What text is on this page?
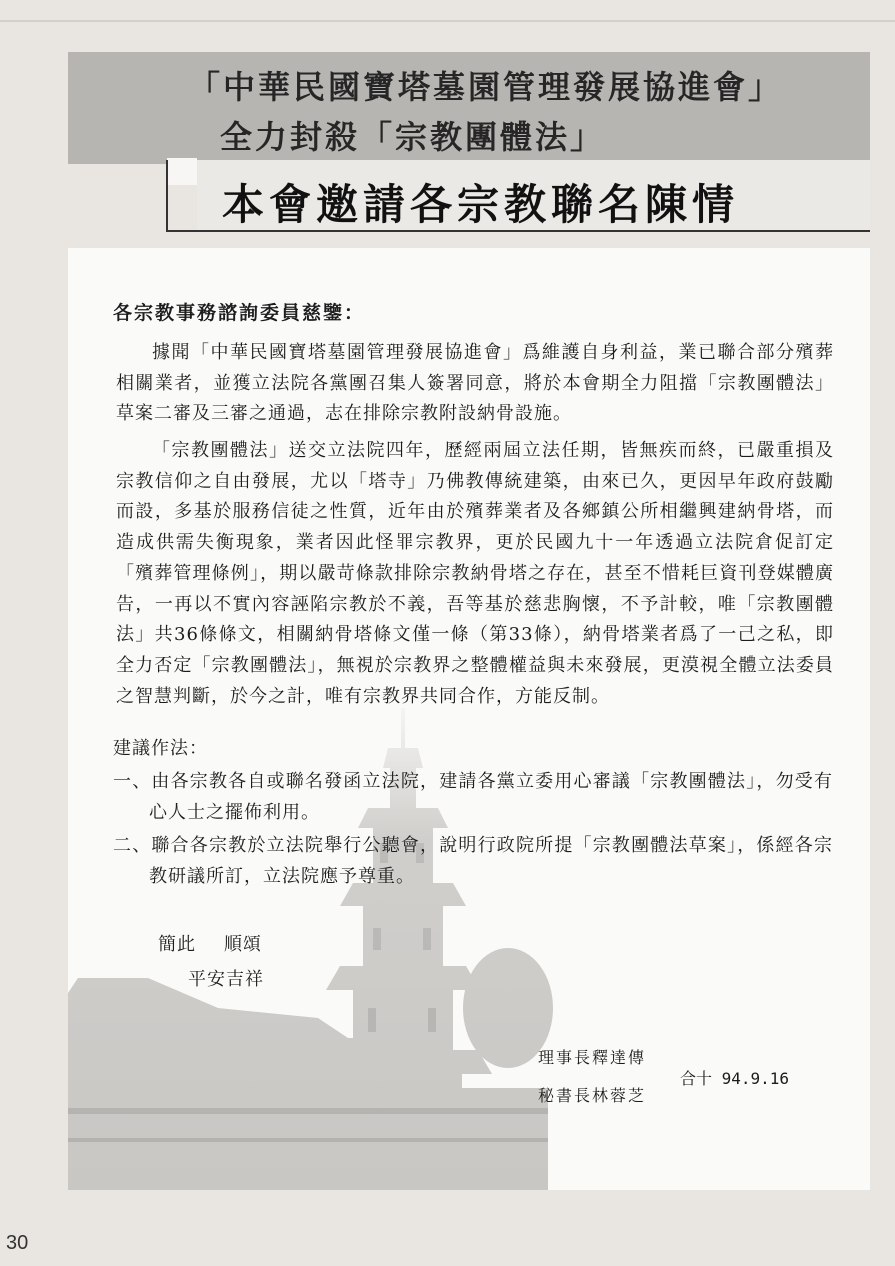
「中華民國寶塔墓園管理發展協進會」
全力封殺「宗教團體法」
本會邀請各宗教聯名陳情
各宗教事務諮詢委員慈鑒：

據聞「中華民國寶塔墓園管理發展協進會」爲維護自身利益，業已聯合部分殯葬相關業者，並獲立法院各黨團召集人簽署同意，將於本會期全力阻擋「宗教團體法」草案二審及三審之通過，志在排除宗教附設納骨設施。

「宗教團體法」送交立法院四年，歷經兩屆立法任期，皆無疾而終，已嚴重損及宗教信仰之自由發展，尤以「塔寺」乃佛教傳統建築，由來已久，更因早年政府鼓勵而設，多基於服務信徒之性質，近年由於殯葬業者及各鄉鎮公所相繼興建納骨塔，而造成供需失衡現象，業者因此怪罪宗教界，更於民國九十一年透過立法院倉促訂定「殯葬管理條例」，期以嚴苛條款排除宗教納骨塔之存在，甚至不惜耗巨資刊登媒體廣告，一再以不實內容誣陷宗教於不義，吾等基於慈悲胸懷，不予計較，唯「宗教團體法」共36條條文，相關納骨塔條文僅一條（第33條），納骨塔業者爲了一己之私，即全力否定「宗教團體法」，無視於宗教界之整體權益與未來發展，更漠視全體立法委員之智慧判斷，於今之計，唯有宗教界共同合作，方能反制。

建議作法：

一、由各宗教各自或聯名發函立法院，建請各黨立委用心審議「宗教團體法」，勿受有心人士之擺佈利用。

二、聯合各宗教於立法院舉行公聽會，說明行政院所提「宗教團體法草案」，係經各宗教研議所訂，立法院應予尊重。

簡此 順頌
平安吉祥
理事長釋達傳
秘書長林蓉芝
合十 94.9.16
30
